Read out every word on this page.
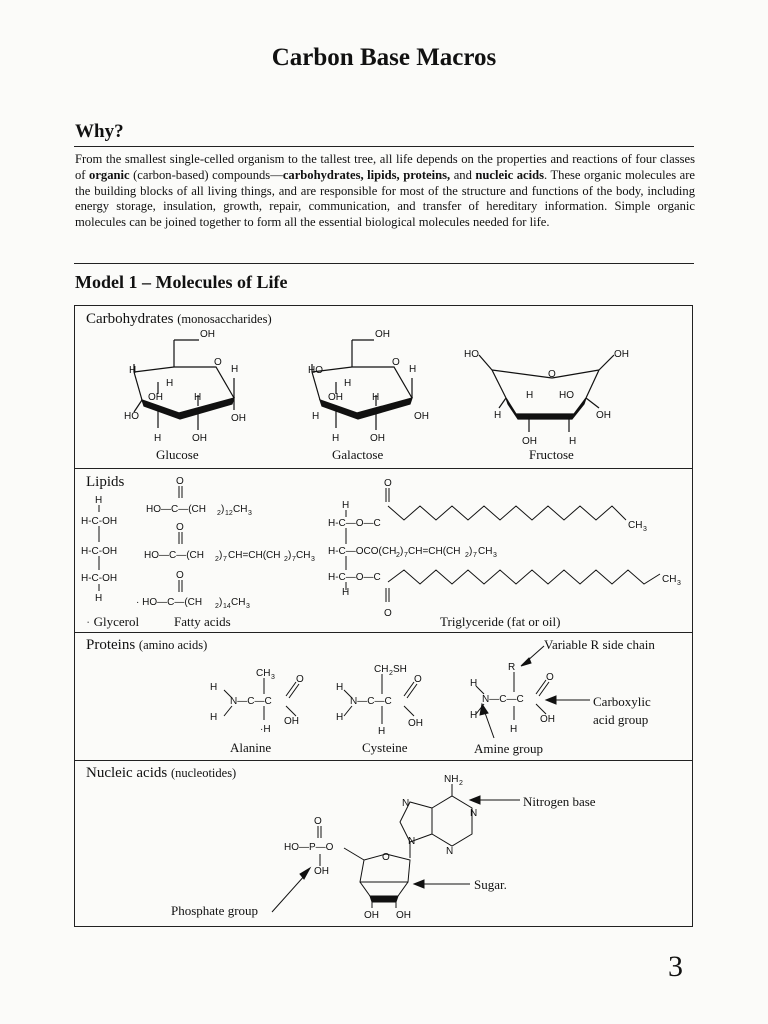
Carbon Base Macros
Why?
From the smallest single-celled organism to the tallest tree, all life depends on the properties and reactions of four classes of organic (carbon-based) compounds—carbohydrates, lipids, proteins, and nucleic acids. These organic molecules are the building blocks of all living things, and are responsible for most of the structure and functions of the body, including energy storage, insulation, growth, repair, communication, and transfer of hereditary information. Simple organic molecules can be joined together to form all the essential biological molecules needed for life.
Model 1 – Molecules of Life
Carbohydrates (monosaccharides)
Lipids
Proteins (amino acids)
Nucleic acids (nucleotides)
OH
H
H
O
H
OH	H
HO	OH
H	OH
OH
HO
H
O
H
OH	H
H	OH
H	OH
HO	OH
O
H	HO
H	OH
OH	H
Glucose	Galactose	Fructose
H
H-C-OH
H-C-OH
H-C-OH
H
O
HO—C—(CH 2 ) 12 CH 3
O
HO—C—(CH 2 ) 7 CH=CH(CH 2 ) 7 CH 3
O
· HO—C—(CH 2 ) 14 CH 3
H
O
H-C—O—C	CH 3
H-C—OCO(CH 2 ) 7 CH=CH(CH 2 ) 7 CH 3
H-C—O—C	CH 3
H
O
· Glycerol	Fatty acids	Triglyceride (fat or oil)
CH 3
H
N—C—C
H
O
OH
·H
CH 2 SH
H
N—C—C
H
O
OH
H
R
H
N—C—C
H
O
OH
H
Variable R side chain
Carboxylic
acid group
Alanine	Cysteine	Amine group
NH 2
N
N
N
N
O
HO—P—O
OH
O
OH OH
Nitrogen base
Sugar.
Phosphate group
3
